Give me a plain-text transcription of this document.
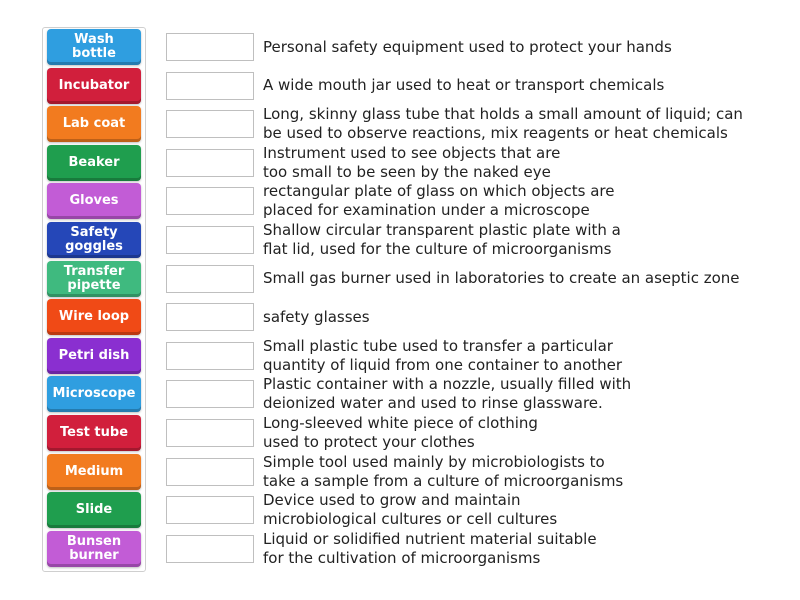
Wash bottle
Incubator
Lab coat
Beaker
Gloves
Safety
goggles
Transfer
pipette
Wire loop
Petri dish
Microscope
Test tube
Medium
Slide
Bunsen
burner
Personal safety equipment used to protect your hands
A wide mouth jar used to heat or transport chemicals
Long, skinny glass tube that holds a small amount of liquid; can
be used to observe reactions, mix reagents or heat chemicals
Instrument used to see objects that are
too small to be seen by the naked eye
rectangular plate of glass on which objects are
placed for examination under a microscope
Shallow circular transparent plastic plate with a
flat lid, used for the culture of microorganisms
Small gas burner used in laboratories to create an aseptic zone
safety glasses
Small plastic tube used to transfer a particular
quantity of liquid from one container to another
Plastic container with a nozzle, usually filled with
deionized water and used to rinse glassware.
Long-sleeved white piece of clothing
used to protect your clothes
Simple tool used mainly by microbiologists to
take a sample from a culture of microorganisms
Device used to grow and maintain
microbiological cultures or cell cultures
Liquid or solidified nutrient material suitable
for the cultivation of microorganisms
